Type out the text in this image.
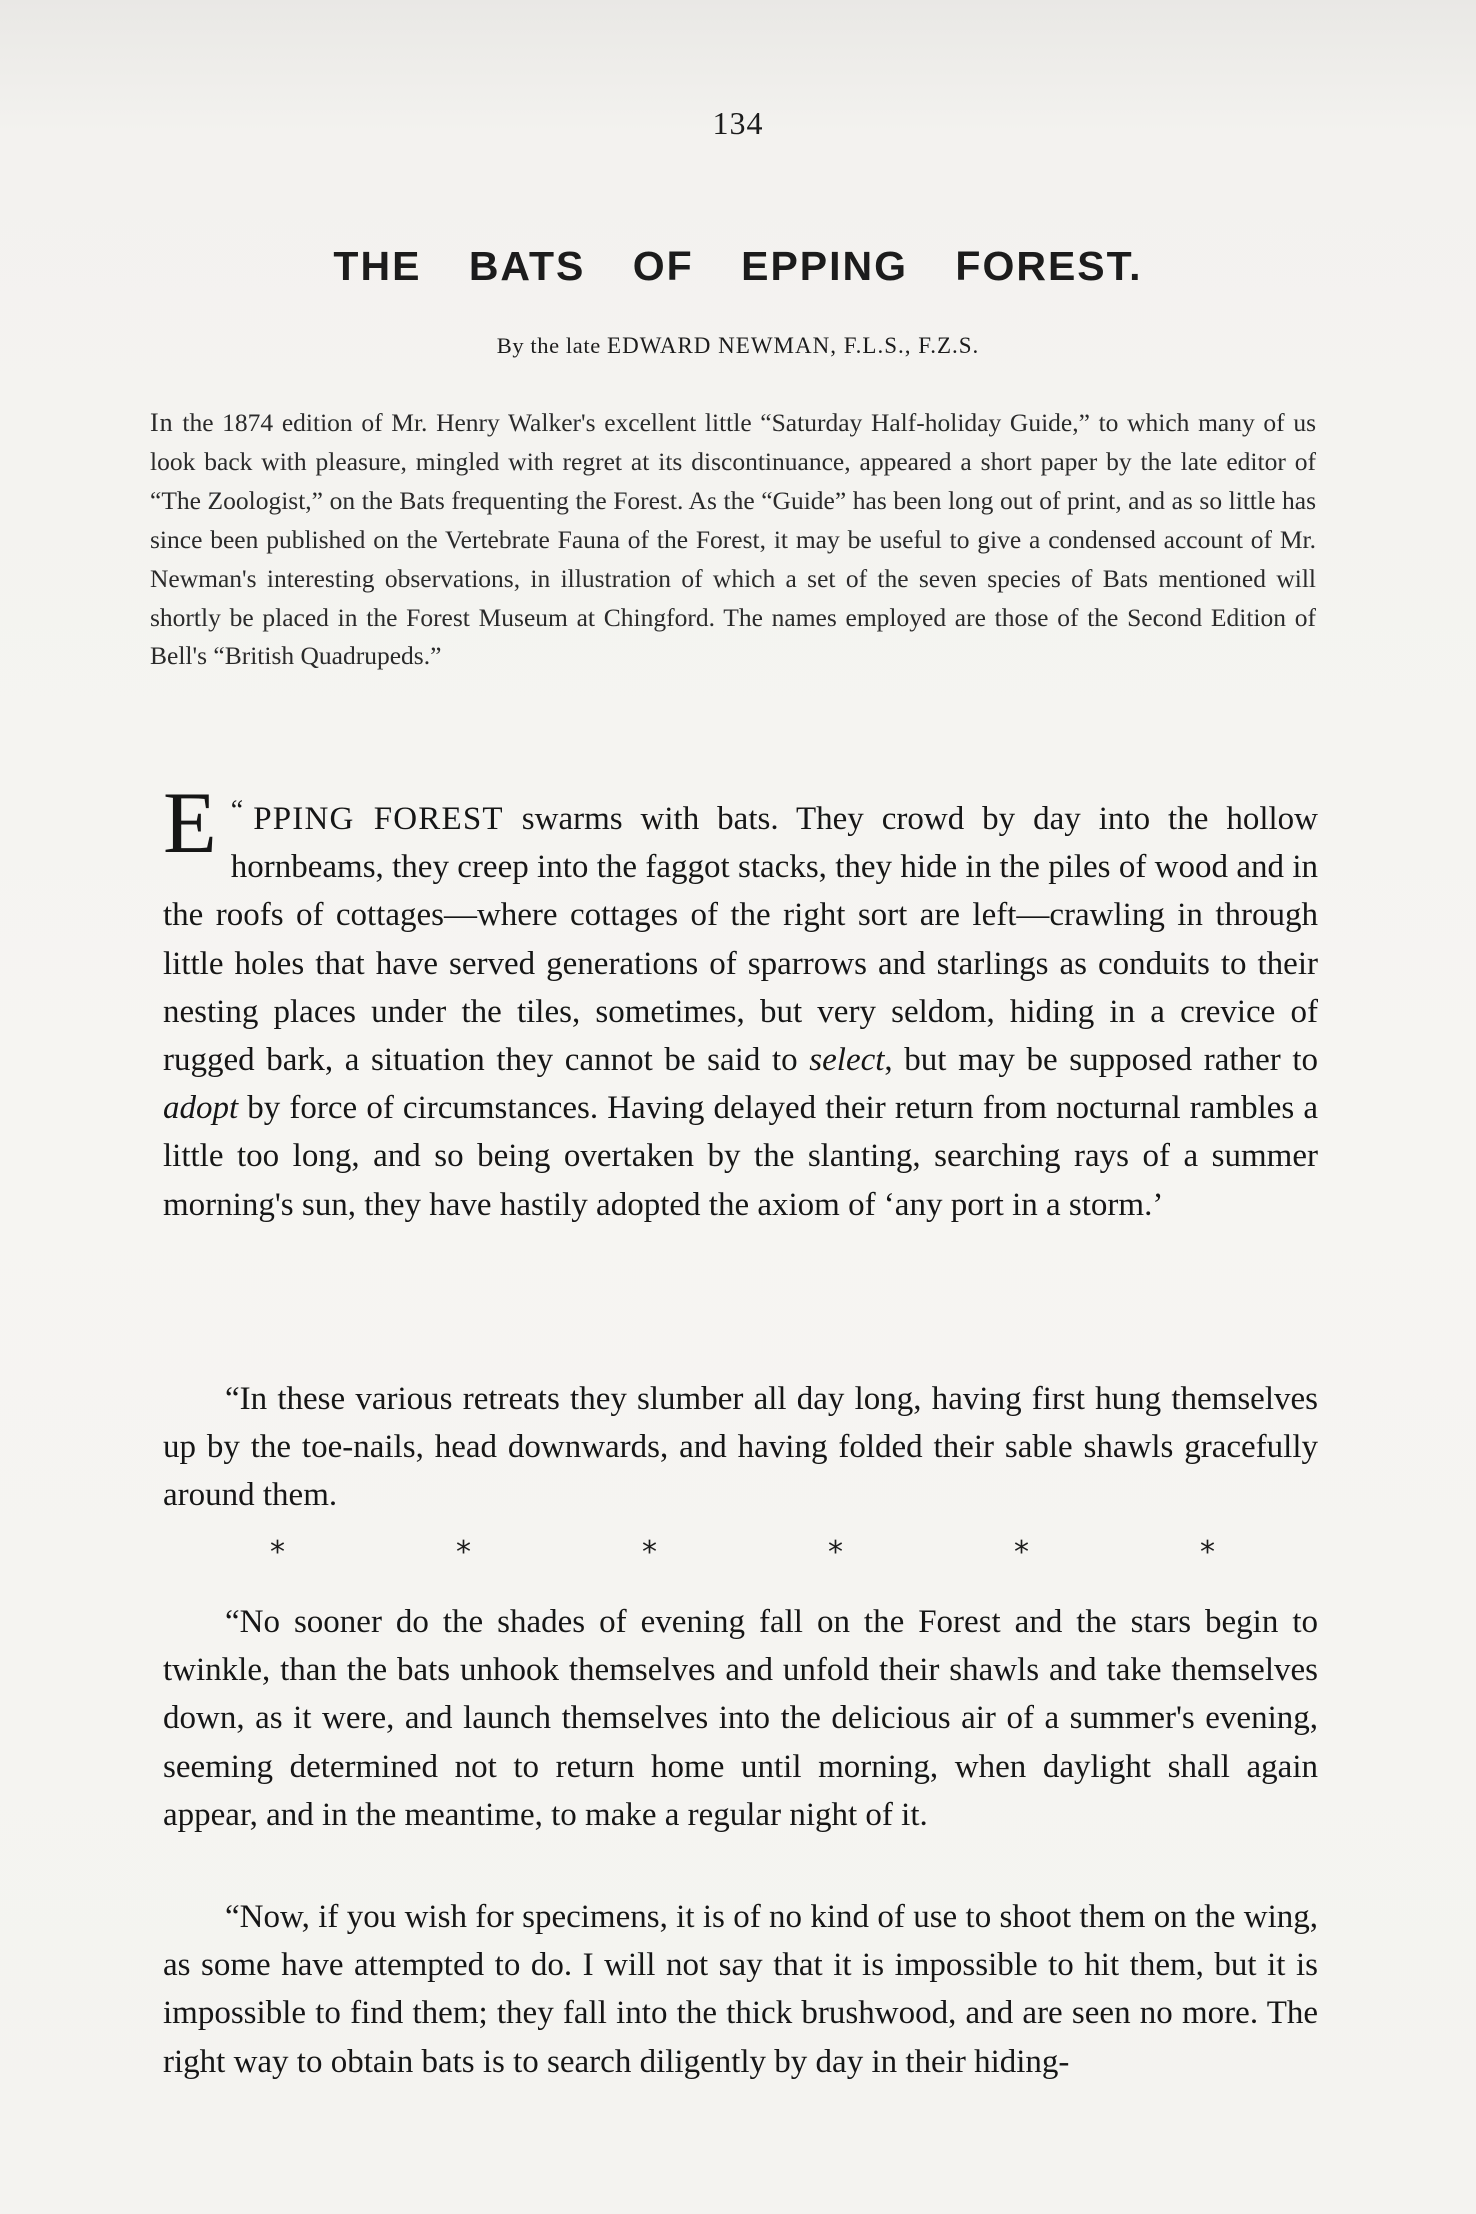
134
THE BATS OF EPPING FOREST.
By the late EDWARD NEWMAN, F.L.S., F.Z.S.
In the 1874 edition of Mr. Henry Walker's excellent little “Saturday Half-holiday Guide,” to which many of us look back with pleasure, mingled with regret at its discontinuance, appeared a short paper by the late editor of “The Zoologist,” on the Bats frequenting the Forest. As the “Guide” has been long out of print, and as so little has since been published on the Vertebrate Fauna of the Forest, it may be useful to give a condensed account of Mr. Newman's interesting observations, in illustration of which a set of the seven species of Bats mentioned will shortly be placed in the Forest Museum at Chingford. The names employed are those of the Second Edition of Bell's “British Quadrupeds.”

“
E PPING FOREST swarms with bats. They crowd by day into the hollow hornbeams, they creep into the faggot stacks, they hide in the piles of wood and in the roofs of cottages—where cottages of the right sort are left—crawling in through little holes that have served generations of sparrows and starlings as conduits to their nesting places under the tiles, sometimes, but very seldom, hiding in a crevice of rugged bark, a situation they cannot be said to select, but may be supposed rather to adopt by force of circumstances. Having delayed their return from nocturnal rambles a little too long, and so being overtaken by the slanting, searching rays of a summer morning's sun, they have hastily adopted the axiom of ‘any port in a storm.’

“In these various retreats they slumber all day long, having first hung themselves up by the toe-nails, head downwards, and having folded their sable shawls gracefully around them.

*	*	*	*	*	*

“No sooner do the shades of evening fall on the Forest and the stars begin to twinkle, than the bats unhook themselves and unfold their shawls and take themselves down, as it were, and launch themselves into the delicious air of a summer's evening, seeming determined not to return home until morning, when daylight shall again appear, and in the meantime, to make a regular night of it.

“Now, if you wish for specimens, it is of no kind of use to shoot them on the wing, as some have attempted to do. I will not say that it is impossible to hit them, but it is impossible to find them; they fall into the thick brushwood, and are seen no more. The right way to obtain bats is to search diligently by day in their hiding-
